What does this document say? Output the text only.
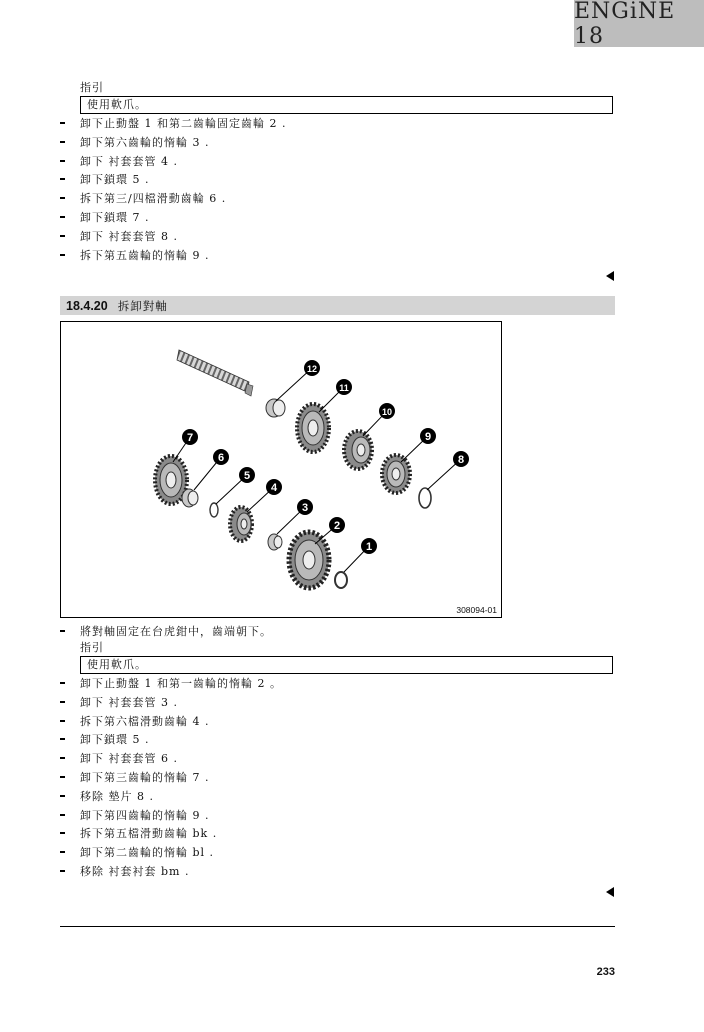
ENGiNE 18
指引
使用軟爪。
卸下止動盤 1 和第二齒輪固定齒輪 2 .
卸下第六齒輪的惰輪 3 .
卸下 衬套套管 4 .
卸下鎖環 5 .
拆下第三/四檔滑動齒輪 6 .
卸下鎖環 7 .
卸下 衬套套管 8 .
拆下第五齒輪的惰輪 9 .
18.4.20 拆卸對軸
12
11
10
9
8
7
6
5
4
3
2
1
308094-01
將對軸固定在台虎鉗中，齒端朝下。
指引
使用軟爪。
卸下止動盤 1 和第一齒輪的惰輪 2 。
卸下 衬套套管 3 .
拆下第六檔滑動齒輪 4 .
卸下鎖環 5 .
卸下 衬套套管 6 .
卸下第三齒輪的惰輪 7 .
移除 墊片 8 .
卸下第四齒輪的惰輪 9 .
拆下第五檔滑動齒輪 bk .
卸下第二齒輪的惰輪 bl .
移除 衬套衬套 bm .
233
